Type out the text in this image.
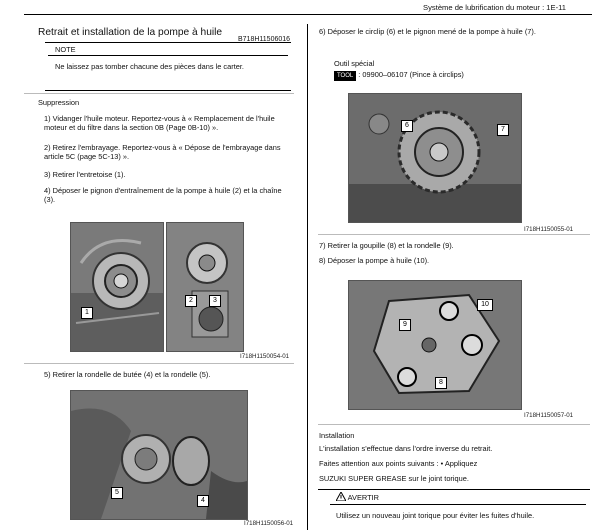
Système de lubrification du moteur : 1E-11
Retrait et installation de la pompe à huile
B718H11506016
NOTE
Ne laissez pas tomber chacune des pièces dans le carter.
Suppression
1) Vidanger l'huile moteur. Reportez-vous à « Remplacement de l'huile moteur et du filtre dans la section 0B (Page 0B-10) ».
2) Retirez l'embrayage. Reportez-vous à « Dépose de l'embrayage dans article 5C (page 5C-13) ».
3) Retirer l'entretoise (1).
4) Déposer le pignon d'entraînement de la pompe à huile (2) et la chaîne (3).
1
2	3
I718H1150054-01
5) Retirer la rondelle de butée (4) et la rondelle (5).
5
4
I718H1150056-01
6) Déposer le circlip (6) et le pignon mené de la pompe à huile (7).
Outil spécial
TOOL : 09900–06107 (Pince à circlips)
6
7
I718H1150055-01
7) Retirer la goupille (8) et la rondelle (9).
8) Déposer la pompe à huile (10).
9
10
8
I718H1150057-01
Installation
L'installation s'effectue dans l'ordre inverse du retrait.
Faites attention aux points suivants : • Appliquez
SUZUKI SUPER GREASE sur le joint torique.
AVERTIR
Utilisez un nouveau joint torique pour éviter les fuites d'huile.
